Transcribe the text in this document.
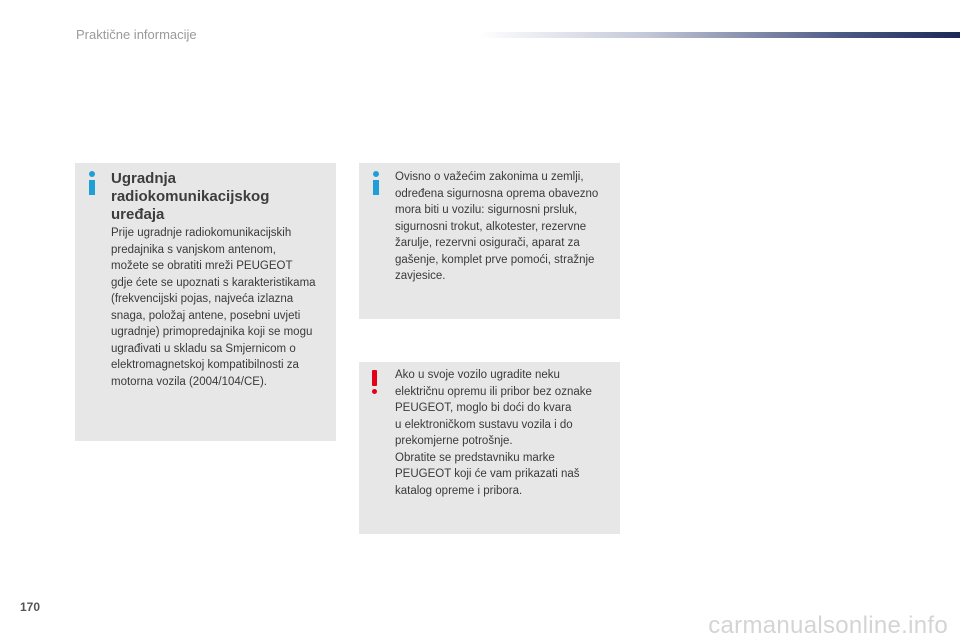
Praktične informacije
Ugradnja
radiokomunikacijskog
uređaja

Prije ugradnje radiokomunikacijskih

predajnika s vanjskom antenom,

možete se obratiti mreži PEUGEOT

gdje ćete se upoznati s karakteristikama

(frekvencijski pojas, najveća izlazna

snaga, položaj antene, posebni uvjeti

ugradnje) primopredajnika koji se mogu

ugrađivati u skladu sa Smjernicom o

elektromagnetskoj kompatibilnosti za

motorna vozila (2004/104/CE).

Ovisno o važećim zakonima u zemlji,

određena sigurnosna oprema obavezno

mora biti u vozilu: sigurnosni prsluk,

sigurnosni trokut, alkotester, rezervne

žarulje, rezervni osigurači, aparat za

gašenje, komplet prve pomoći, stražnje

zavjesice.

Ako u svoje vozilo ugradite neku

električnu opremu ili pribor bez oznake

PEUGEOT, moglo bi doći do kvara

u elektroničkom sustavu vozila i do

prekomjerne potrošnje.

Obratite se predstavniku marke

PEUGEOT koji će vam prikazati naš

katalog opreme i pribora.

170
carmanualsonline.info
